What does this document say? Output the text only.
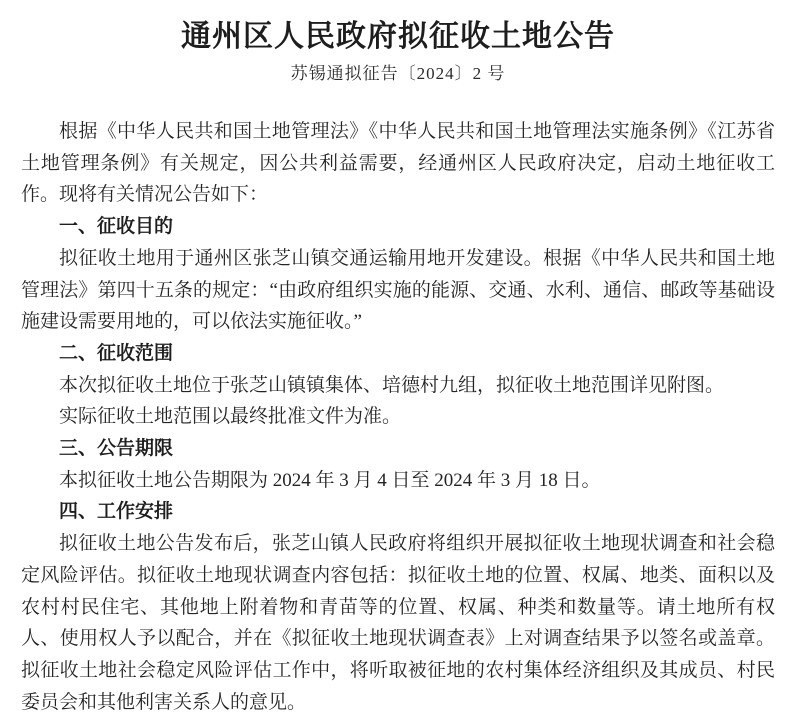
通州区人民政府拟征收土地公告
苏锡通拟征告〔2024〕2 号

根据《中华人民共和国土地管理法》《中华人民共和国土地管理法实施条例》《江苏省土地管理条例》有关规定，因公共利益需要，经通州区人民政府决定，启动土地征收工作。现将有关情况公告如下：

一、征收目的

拟征收土地用于通州区张芝山镇交通运输用地开发建设。根据《中华人民共和国土地管理法》第四十五条的规定：“由政府组织实施的能源、交通、水利、通信、邮政等基础设施建设需要用地的，可以依法实施征收。”

二、征收范围

本次拟征收土地位于张芝山镇镇集体、培德村九组，拟征收土地范围详见附图。

实际征收土地范围以最终批准文件为准。

三、公告期限

本拟征收土地公告期限为 2024 年 3 月 4 日至 2024 年 3 月 18 日。

四、工作安排

拟征收土地公告发布后，张芝山镇人民政府将组织开展拟征收土地现状调查和社会稳定风险评估。拟征收土地现状调查内容包括：拟征收土地的位置、权属、地类、面积以及农村村民住宅、其他地上附着物和青苗等的位置、权属、种类和数量等。请土地所有权人、使用权人予以配合，并在《拟征收土地现状调查表》上对调查结果予以签名或盖章。拟征收土地社会稳定风险评估工作中，将听取被征地的农村集体经济组织及其成员、村民委员会和其他利害关系人的意见。
